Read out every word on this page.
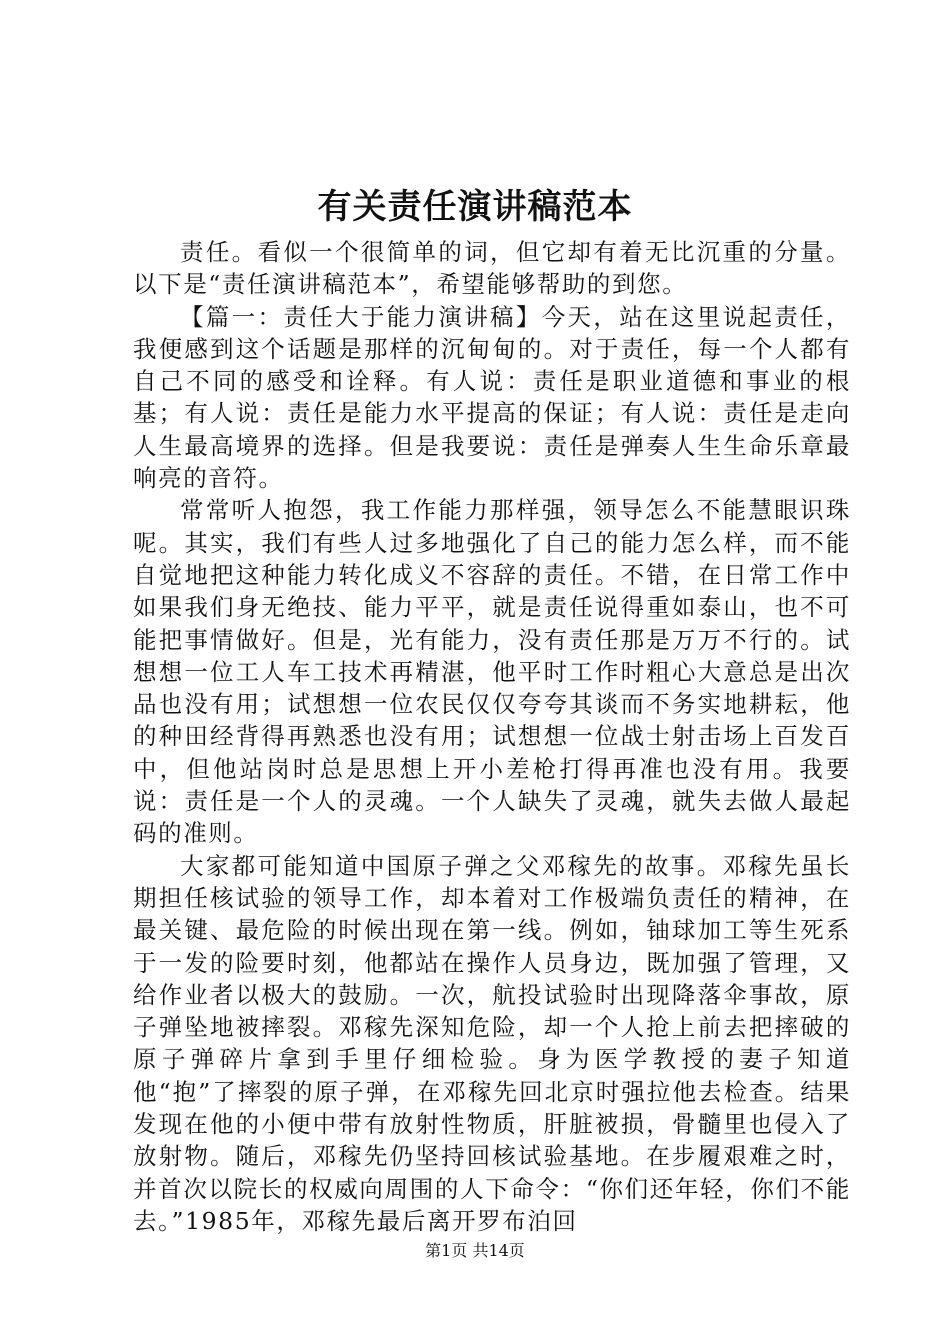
有关责任演讲稿范本

责任。看似一个很简单的词，但它却有着无比沉重的分量。以下是“责任演讲稿范本”，希望能够帮助的到您。

【篇一：责任大于能力演讲稿】今天，站在这里说起责任，我便感到这个话题是那样的沉甸甸的。对于责任，每一个人都有自己不同的感受和诠释。有人说：责任是职业道德和事业的根基；有人说：责任是能力水平提高的保证；有人说：责任是走向人生最高境界的选择。但是我要说：责任是弹奏人生生命乐章最响亮的音符。

常常听人抱怨，我工作能力那样强，领导怎么不能慧眼识珠呢。其实，我们有些人过多地强化了自己的能力怎么样，而不能自觉地把这种能力转化成义不容辞的责任。不错，在日常工作中如果我们身无绝技、能力平平，就是责任说得重如泰山，也不可能把事情做好。但是，光有能力，没有责任那是万万不行的。试想想一位工人车工技术再精湛，他平时工作时粗心大意总是出次品也没有用；试想想一位农民仅仅夸夸其谈而不务实地耕耘，他的种田经背得再熟悉也没有用；试想想一位战士射击场上百发百中，但他站岗时总是思想上开小差枪打得再准也没有用。我要说：责任是一个人的灵魂。一个人缺失了灵魂，就失去做人最起码的准则。

大家都可能知道中国原子弹之父邓稼先的故事。邓稼先虽长期担任核试验的领导工作，却本着对工作极端负责任的精神，在最关键、最危险的时候出现在第一线。例如，铀球加工等生死系于一发的险要时刻，他都站在操作人员身边，既加强了管理，又给作业者以极大的鼓励。一次，航投试验时出现降落伞事故，原子弹坠地被摔裂。邓稼先深知危险，却一个人抢上前去把摔破的原子弹碎片拿到手里仔细检验。身为医学教授的妻子知道他“抱”了摔裂的原子弹，在邓稼先回北京时强拉他去检查。结果发现在他的小便中带有放射性物质，肝脏被损，骨髓里也侵入了放射物。随后，邓稼先仍坚持回核试验基地。在步履艰难之时，并首次以院长的权威向周围的人下命令：“你们还年轻，你们不能去。”1985年，邓稼先最后离开罗布泊回

第1页 共14页
